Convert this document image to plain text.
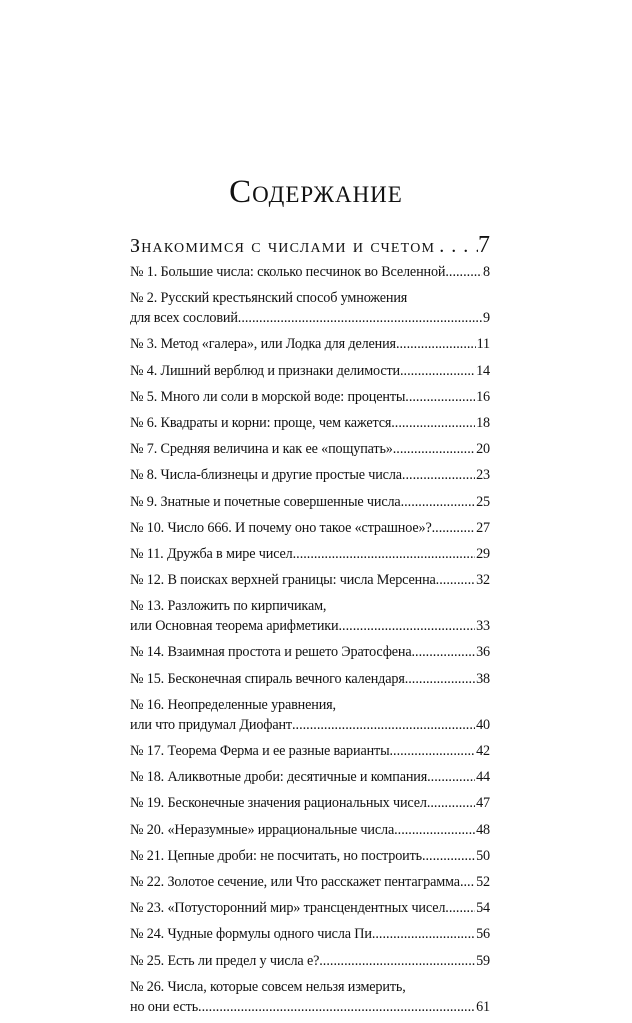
Содержание
Знакомимся с числами и счетом . . . 7
№ 1. Большие числа: сколько песчинок во Вселенной .....	8
№ 2. Русский крестьянский способ умножения
для всех сословий .....	9
№ 3. Метод «галера», или Лодка для деления .....	11
№ 4. Лишний верблюд и признаки делимости .....	14
№ 5. Много ли соли в морской воде: проценты .....	16
№ 6. Квадраты и корни: проще, чем кажется .....	18
№ 7. Средняя величина и как ее «пощупать» .....	20
№ 8. Числа-близнецы и другие простые числа .....	23
№ 9. Знатные и почетные совершенные числа .....	25
№ 10. Число 666. И почему оно такое «страшное»? .....	27
№ 11. Дружба в мире чисел .....	29
№ 12. В поисках верхней границы: числа Мерсенна .....	32
№ 13. Разложить по кирпичикам,
или Основная теорема арифметики .....	33
№ 14. Взаимная простота и решето Эратосфена .....	36
№ 15. Бесконечная спираль вечного календаря .....	38
№ 16. Неопределенные уравнения,
или что придумал Диофант .....	40
№ 17. Теорема Ферма и ее разные варианты .....	42
№ 18. Аликвотные дроби: десятичные и компания .....	44
№ 19. Бесконечные значения рациональных чисел .....	47
№ 20. «Неразумные» иррациональные числа .....	48
№ 21. Цепные дроби: не посчитать, но построить .....	50
№ 22. Золотое сечение, или Что расскажет пентаграмма ..... 52
№ 23. «Потусторонний мир» трансцендентных чисел ..... 54
№ 24. Чудные формулы одного числа Пи .....	56
№ 25. Есть ли предел у числа е? .....	59
№ 26. Числа, которые совсем нельзя измерить,
но они есть .....	61
